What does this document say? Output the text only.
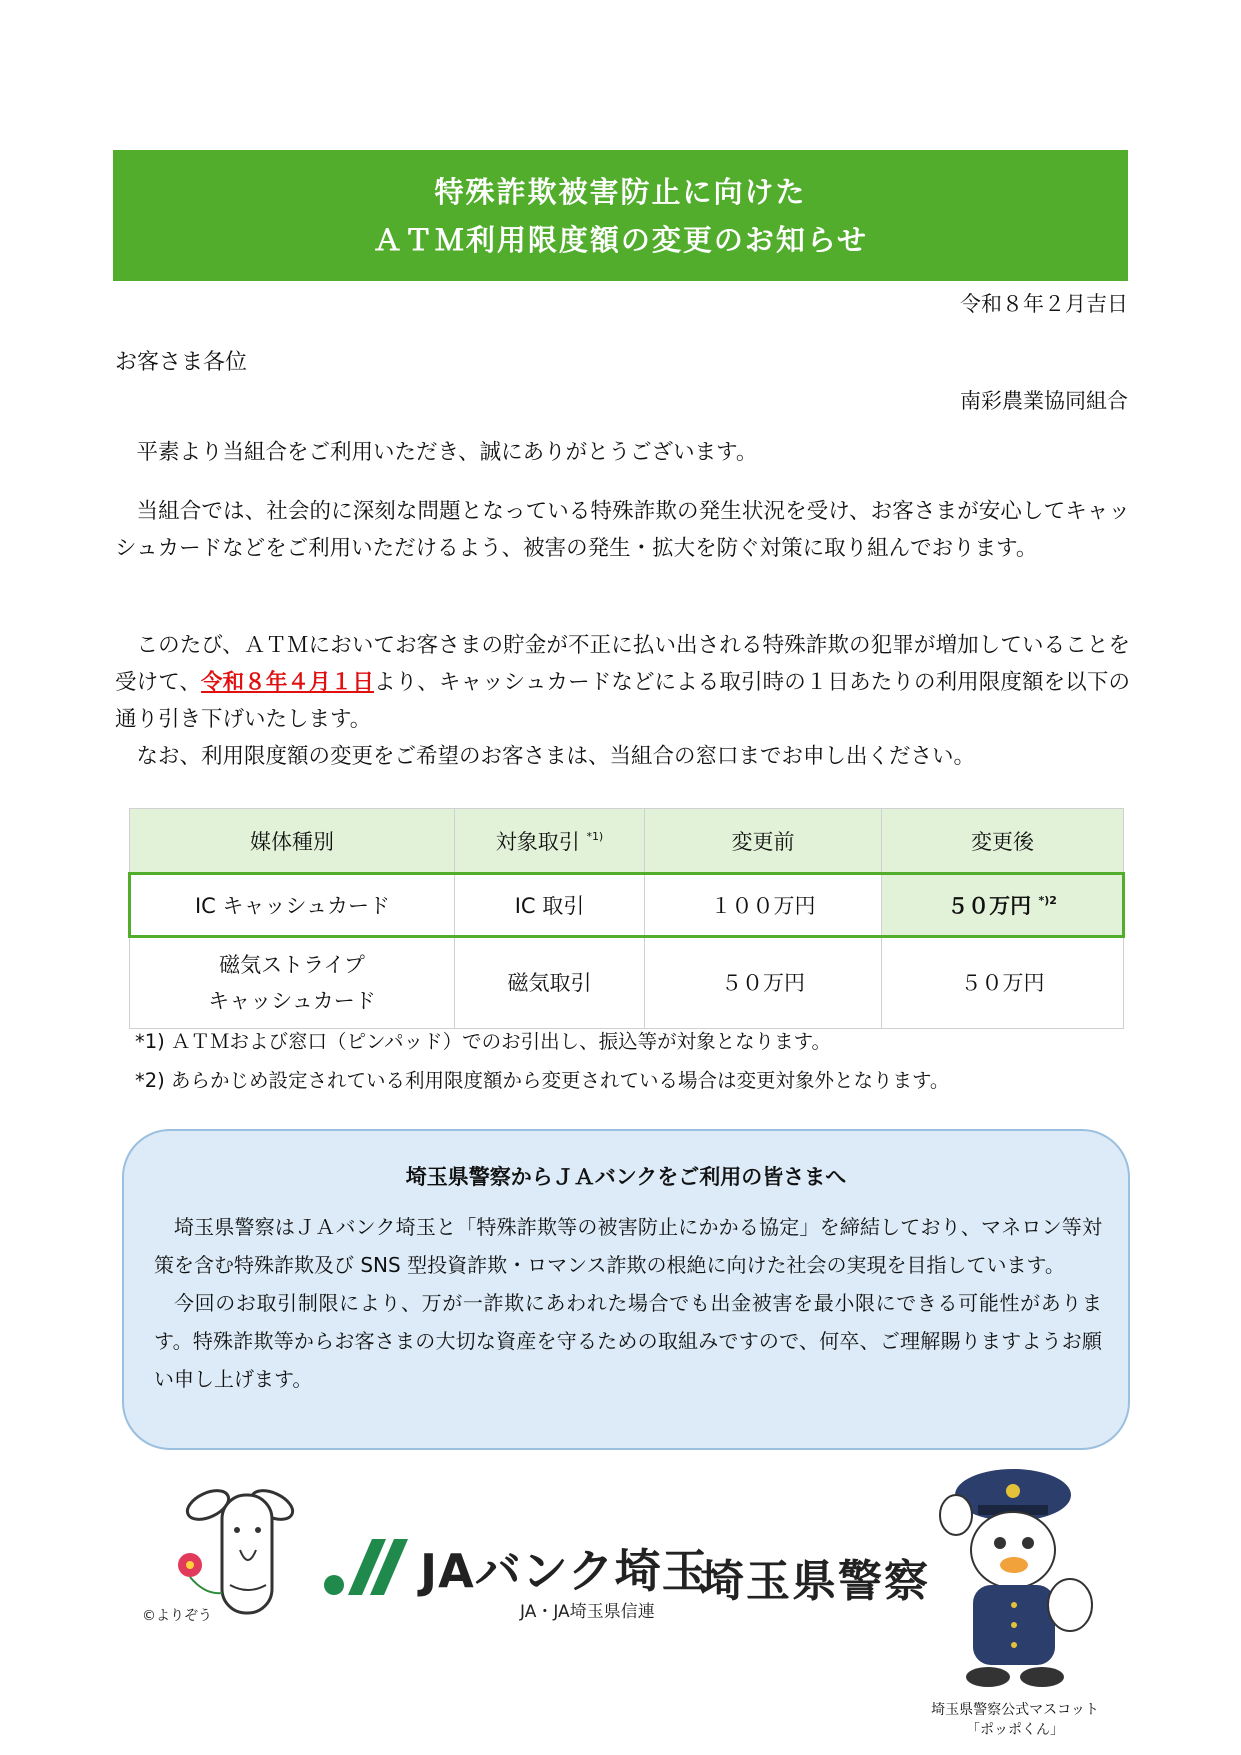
特殊詐欺被害防止に向けた
ＡＴＭ利用限度額の変更のお知らせ
令和８年２月吉日
お客さま各位
南彩農業協同組合

平素より当組合をご利用いただき、誠にありがとうございます。

当組合では、社会的に深刻な問題となっている特殊詐欺の発生状況を受け、お客さまが安心してキャッシュカードなどをご利用いただけるよう、被害の発生・拡大を防ぐ対策に取り組んでおります。

このたび、ＡＴＭにおいてお客さまの貯金が不正に払い出される特殊詐欺の犯罪が増加していることを受けて、令和８年４月１日より、キャッシュカードなどによる取引時の１日あたりの利用限度額を以下の通り引き下げいたします。

なお、利用限度額の変更をご希望のお客さまは、当組合の窓口までお申し出ください。

媒体種別	対象取引 $^{*1)}$	変更前	変更後
IC キャッシュカード	IC 取引	１００万円	５０万円 $^{*)2}$
磁気ストライプ
キャッシュカード	磁気取引	５０万円	５０万円
*1) ＡＴＭおよび窓口（ピンパッド）でのお引出し、振込等が対象となります。
*2) あらかじめ設定されている利用限度額から変更されている場合は変更対象外となります。
埼玉県警察からＪＡバンクをご利用の皆さまへ

埼玉県警察はＪＡバンク埼玉と「特殊詐欺等の被害防止にかかる協定」を締結しており、マネロン等対策を含む特殊詐欺及び SNS 型投資詐欺・ロマンス詐欺の根絶に向けた社会の実現を目指しています。

今回のお取引制限により、万が一詐欺にあわれた場合でも出金被害を最小限にできる可能性があります。特殊詐欺等からお客さまの大切な資産を守るための取組みですので、何卒、ご理解賜りますようお願い申し上げます。

©よりぞう
JAバンク埼玉
JA・JA埼玉県信連
埼玉県警察
埼玉県警察公式マスコット
「ポッポくん」
